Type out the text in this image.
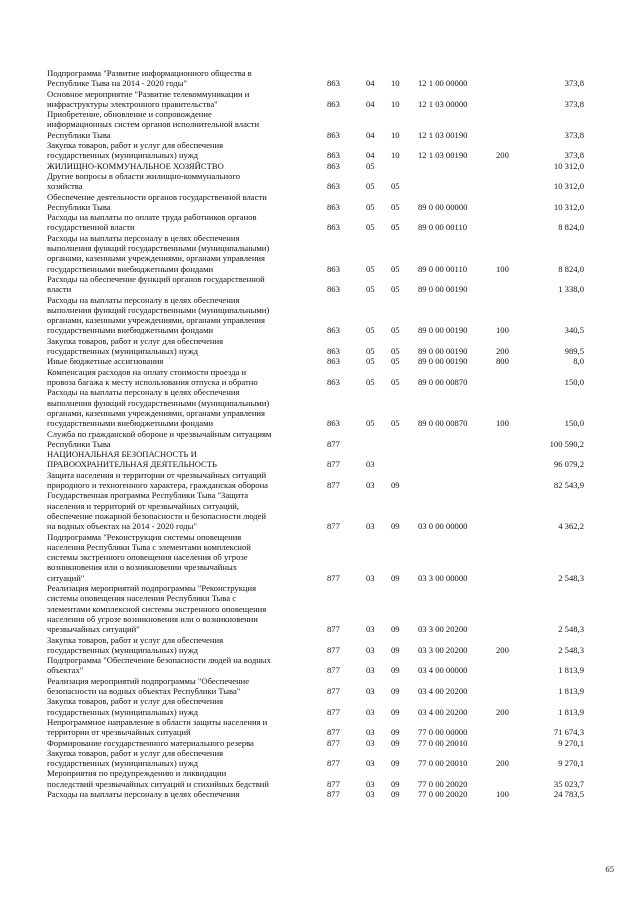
Подпрограмма "Развитие информационного общества в
Республике Тыва на 2014 - 2020 годы"	863	04 10 12 1 00 00000	373,8
Основное мероприятие "Развитие телекоммуникации и
инфраструктуры электронного правительства"	863	04 10 12 1 03 00000	373,8
Приобретение, обновление и сопровождение
информационных систем органов исполнительной власти
Республики Тыва	863	04 10 12 1 03 00190	373,8
Закупка товаров, работ и услуг для обеспечения
государственных (муниципальных) нужд	863	04 10 12 1 03 00190	200	373,8
ЖИЛИЩНО-КОММУНАЛЬНОЕ ХОЗЯЙСТВО	863	05	10 312,0
Другие вопросы в области жилищно-коммунального
хозяйства	863	05 05	10 312,0
Обеспечение деятельности органов государственной власти
Республики Тыва	863	05 05 89 0 00 00000	10 312,0
Расходы на выплаты по оплате труда работников органов
государственной власти	863	05 05 89 0 00 00110	8 824,0
Расходы на выплаты персоналу в целях обеспечения
выполнения функций государственными (муниципальными)
органами, казенными учреждениями, органами управления
государственными внебюджетными фондами	863	05 05 89 0 00 00110	100	8 824,0
Расходы на обеспечение функций органов государственной
власти	863	05 05 89 0 00 00190	1 338,0
Расходы на выплаты персоналу в целях обеспечения
выполнения функций государственными (муниципальными)
органами, казенными учреждениями, органами управления
государственными внебюджетными фондами	863	05 05 89 0 00 00190	100	340,5
Закупка товаров, работ и услуг для обеспечения
государственных (муниципальных) нужд	863	05 05 89 0 00 00190	200	989,5
Иные бюджетные ассигнования	863	05 05 89 0 00 00190	800	8,0
Компенсация расходов на оплату стоимости проезда и
провоза багажа к месту использования отпуска и обратно	863	05 05 89 0 00 00870	150,0
Расходы на выплаты персоналу в целях обеспечения
выполнения функций государственными (муниципальными)
органами, казенными учреждениями, органами управления
государственными внебюджетными фондами	863	05 05 89 0 00 00870	100	150,0
Служба по гражданской обороне и чрезвычайным ситуациям
Республики Тыва	877	100 590,2
НАЦИОНАЛЬНАЯ БЕЗОПАСНОСТЬ И
ПРАВООХРАНИТЕЛЬНАЯ ДЕЯТЕЛЬНОСТЬ	877	03	96 079,2
Защита населения и территории от чрезвычайных ситуаций
природного и техногенного характера, гражданская оборона	877	03 09	82 543,9
Государственная программа Республики Тыва "Защита
населения и территорий от чрезвычайных ситуаций,
обеспечение пожарной безопасности и безопасности людей
на водных объектах на 2014 - 2020 годы"	877	03 09 03 0 00 00000	4 362,2
Подпрограмма "Реконструкция системы оповещения
населения Республики Тыва с элементами комплексной
системы экстренного оповещения населения об угрозе
возникновения или о возникновении чрезвычайных
ситуаций"	877	03 09 03 3 00 00000	2 548,3
Реализация мероприятий подпрограммы "Реконструкция
системы оповещения населения Республики Тыва с
элементами комплексной системы экстренного оповещения
населения об угрозе возникновения или о возникновении
чрезвычайных ситуаций"	877	03 09 03 3 00 20200	2 548,3
Закупка товаров, работ и услуг для обеспечения
государственных (муниципальных) нужд	877	03 09 03 3 00 20200	200	2 548,3
Подпрограмма "Обеспечение безопасности людей на водных
объектах"	877	03 09 03 4 00 00000	1 813,9
Реализация мероприятий подпрограммы "Обеспечение
безопасности на водных объектах Республики Тыва"	877	03 09 03 4 00 20200	1 813,9
Закупка товаров, работ и услуг для обеспечения
государственных (муниципальных) нужд	877	03 09 03 4 00 20200	200	1 813,9
Непрограммное направление в области защиты населения и
территории от чрезвычайных ситуаций	877	03 09 77 0 00 00000	71 674,3
Формирование государственного материального резерва	877	03 09 77 0 00 20010	9 270,1
Закупка товаров, работ и услуг для обеспечения
государственных (муниципальных) нужд	877	03 09 77 0 00 20010	200	9 270,1
Мероприятия по предупреждению и ликвидации
последствий чрезвычайных ситуаций и стихийных бедствий	877	03 09 77 0 00 20020	35 023,7
Расходы на выплаты персоналу в целях обеспечения	877	03 09 77 0 00 20020	100	24 783,5
65
